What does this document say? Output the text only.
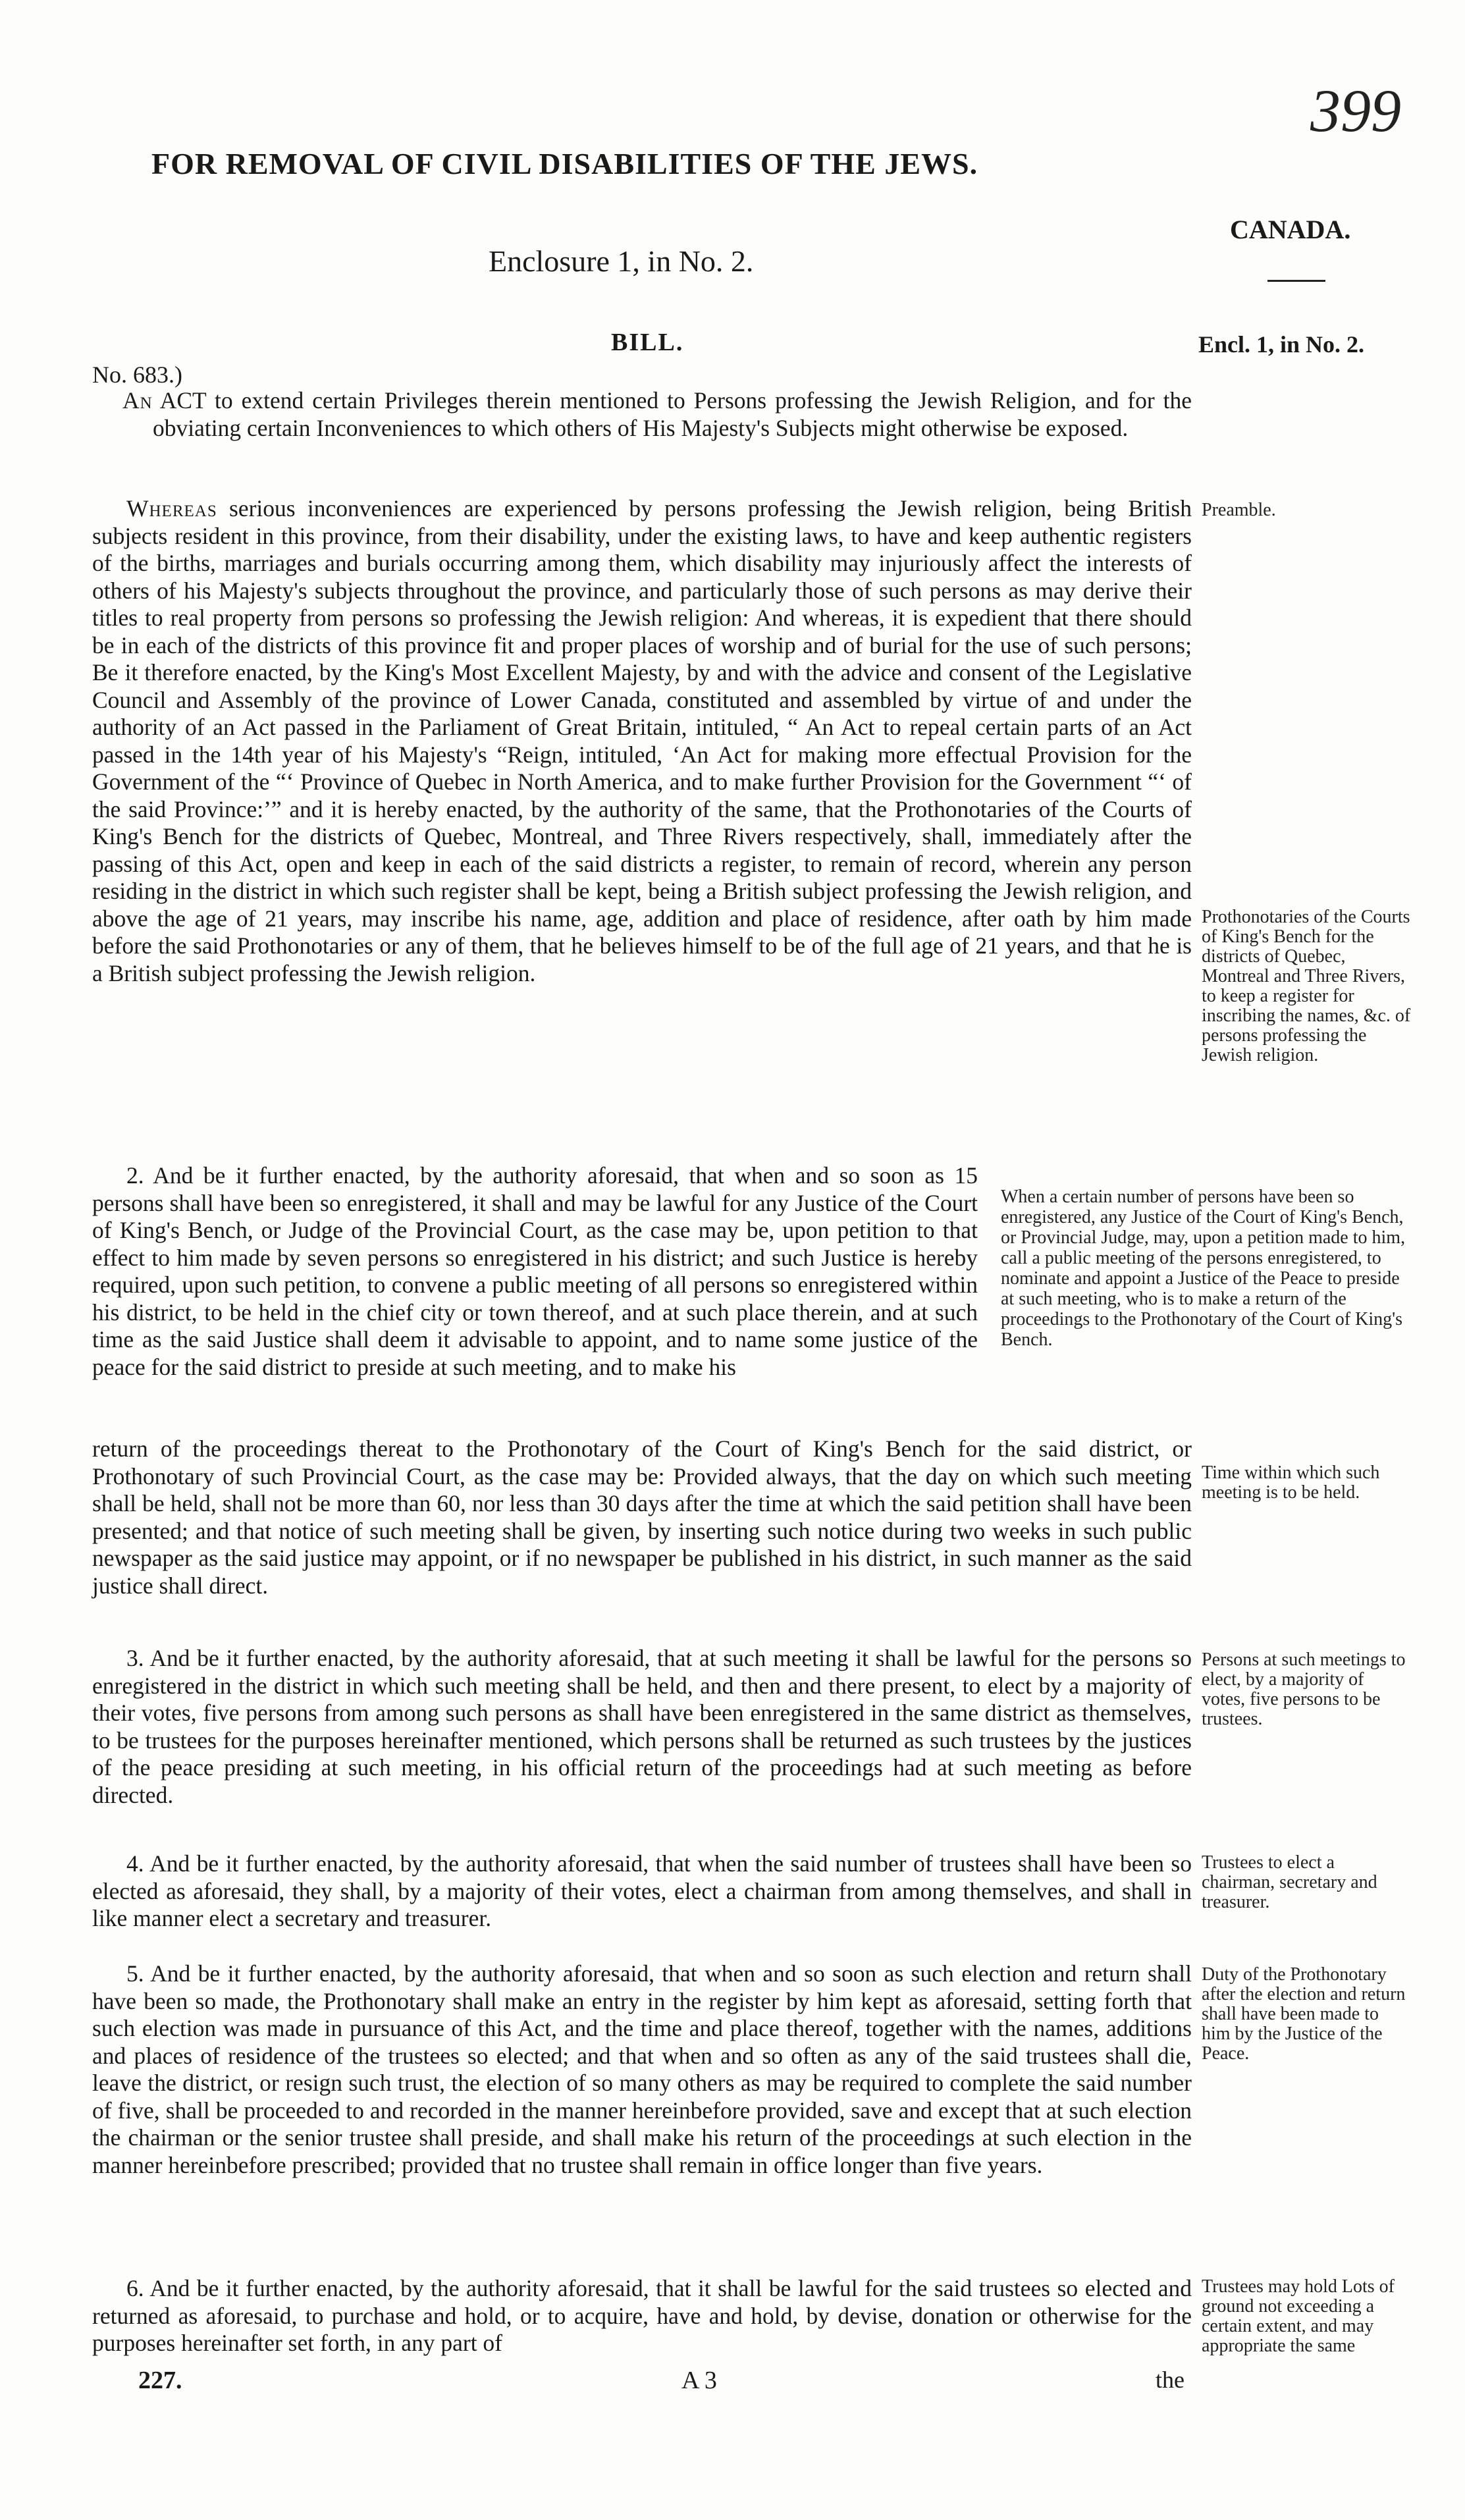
399
FOR REMOVAL OF CIVIL DISABILITIES OF THE JEWS.
CANADA.
Enclosure 1, in No. 2.
BILL.	Encl. 1, in No. 2.
No. 683.)

An ACT to extend certain Privileges therein mentioned to Persons professing the Jewish Religion, and for the obviating certain Inconveniences to which others of His Majesty's Subjects might otherwise be exposed.

Whereas serious inconveniences are experienced by persons professing the Jewish religion, being British subjects resident in this province, from their disability, under the existing laws, to have and keep authentic registers of the births, marriages and burials occurring among them, which disability may injuriously affect the interests of others of his Majesty's subjects throughout the province, and particularly those of such persons as may derive their titles to real property from persons so professing the Jewish religion: And whereas, it is expedient that there should be in each of the districts of this province fit and proper places of worship and of burial for the use of such persons; Be it therefore enacted, by the King's Most Excellent Majesty, by and with the advice and consent of the Legislative Council and Assembly of the province of Lower Canada, constituted and assembled by virtue of and under the authority of an Act passed in the Parliament of Great Britain, intituled, “ An Act to repeal certain parts of an Act passed in the 14th year of his Majesty's “Reign, intituled, ‘An Act for making more effectual Provision for the Government of the “‘ Province of Quebec in North America, and to make further Provision for the Government “‘ of the said Province:’” and it is hereby enacted, by the authority of the same, that the Prothonotaries of the Courts of King's Bench for the districts of Quebec, Montreal, and Three Rivers respectively, shall, immediately after the passing of this Act, open and keep in each of the said districts a register, to remain of record, wherein any person residing in the district in which such register shall be kept, being a British subject professing the Jewish religion, and above the age of 21 years, may inscribe his name, age, addition and place of residence, after oath by him made before the said Prothonotaries or any of them, that he believes himself to be of the full age of 21 years, and that he is a British subject professing the Jewish religion.

2. And be it further enacted, by the authority aforesaid, that when and so soon as 15 persons shall have been so enregistered, it shall and may be lawful for any Justice of the Court of King's Bench, or Judge of the Provincial Court, as the case may be, upon petition to that effect to him made by seven persons so enregistered in his district; and such Justice is hereby required, upon such petition, to convene a public meeting of all persons so enregistered within his district, to be held in the chief city or town thereof, and at such place therein, and at such time as the said Justice shall deem it advisable to appoint, and to name some justice of the peace for the said district to preside at such meeting, and to make his

return of the proceedings thereat to the Prothonotary of the Court of King's Bench for the said district, or Prothonotary of such Provincial Court, as the case may be: Provided always, that the day on which such meeting shall be held, shall not be more than 60, nor less than 30 days after the time at which the said petition shall have been presented; and that notice of such meeting shall be given, by inserting such notice during two weeks in such public newspaper as the said justice may appoint, or if no newspaper be published in his district, in such manner as the said justice shall direct.

3. And be it further enacted, by the authority aforesaid, that at such meeting it shall be lawful for the persons so enregistered in the district in which such meeting shall be held, and then and there present, to elect by a majority of their votes, five persons from among such persons as shall have been enregistered in the same district as themselves, to be trustees for the purposes hereinafter mentioned, which persons shall be returned as such trustees by the justices of the peace presiding at such meeting, in his official return of the proceedings had at such meeting as before directed.

4. And be it further enacted, by the authority aforesaid, that when the said number of trustees shall have been so elected as aforesaid, they shall, by a majority of their votes, elect a chairman from among themselves, and shall in like manner elect a secretary and treasurer.

5. And be it further enacted, by the authority aforesaid, that when and so soon as such election and return shall have been so made, the Prothonotary shall make an entry in the register by him kept as aforesaid, setting forth that such election was made in pursuance of this Act, and the time and place thereof, together with the names, additions and places of residence of the trustees so elected; and that when and so often as any of the said trustees shall die, leave the district, or resign such trust, the election of so many others as may be required to complete the said number of five, shall be proceeded to and recorded in the manner hereinbefore provided, save and except that at such election the chairman or the senior trustee shall preside, and shall make his return of the proceedings at such election in the manner hereinbefore prescribed; provided that no trustee shall remain in office longer than five years.

6. And be it further enacted, by the authority aforesaid, that it shall be lawful for the said trustees so elected and returned as aforesaid, to purchase and hold, or to acquire, have and hold, by devise, donation or otherwise for the purposes hereinafter set forth, in any part of

Preamble.
Prothonotaries of the Courts of King's Bench for the districts of Quebec, Montreal and Three Rivers, to keep a register for inscribing the names, &c. of persons professing the Jewish religion.
When a certain number of persons have been so enregistered, any Justice of the Court of King's Bench, or Provincial Judge, may, upon a petition made to him, call a public meeting of the persons enregistered, to nominate and appoint a Justice of the Peace to preside at such meeting, who is to make a return of the proceedings to the Prothonotary of the Court of King's Bench.
Time within which such meeting is to be held.
Persons at such meetings to elect, by a majority of votes, five persons to be trustees.
Trustees to elect a chairman, secretary and treasurer.
Duty of the Prothonotary after the election and return shall have been made to him by the Justice of the Peace.
Trustees may hold Lots of ground not exceeding a certain extent, and may appropriate the same
227.	A 3	the
